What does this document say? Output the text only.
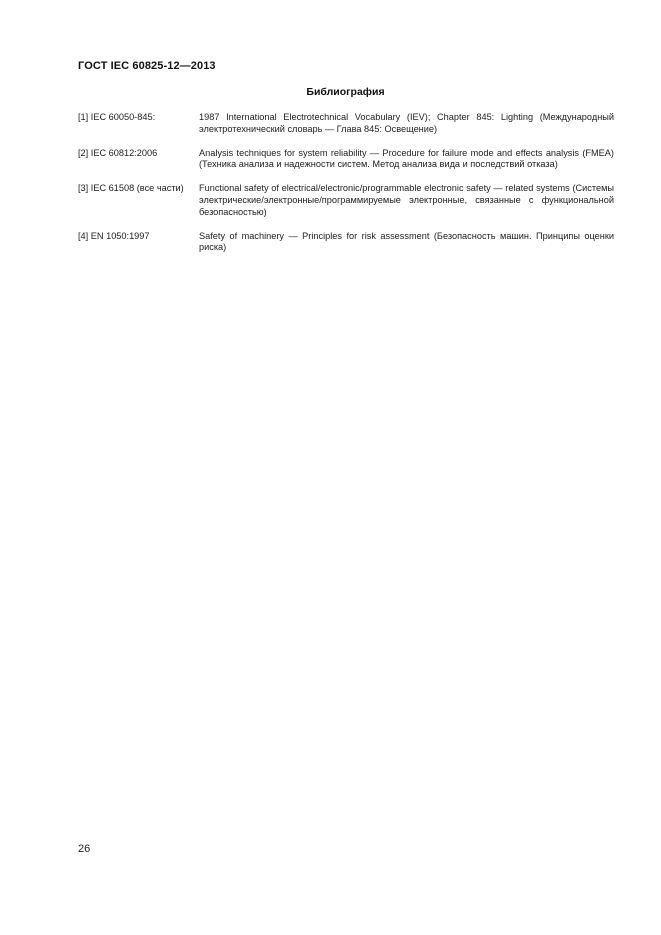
ГОСТ IEC 60825-12—2013
Библиография
[1] IEC 60050-845:	1987 International Electrotechnical Vocabulary (IEV); Chapter 845: Lighting (Международный электротехнический словарь — Глава 845: Освещение)
[2] IEC 60812:2006	Analysis techniques for system reliability — Procedure for failure mode and effects analysis (FMEA)(Техника анализа и надежности систем. Метод анализа вида и последствий отказа)
[3] IEC 61508 (все части)	Functional safety of electrical/electronic/programmable electronic safety — related systems (Системы электрические/электронные/программируемые электронные, связанные с функциональной безопасностью)
[4] EN 1050:1997	Safety of machinery — Principles for risk assessment (Безопасность машин. Принципы оценки риска)
26
